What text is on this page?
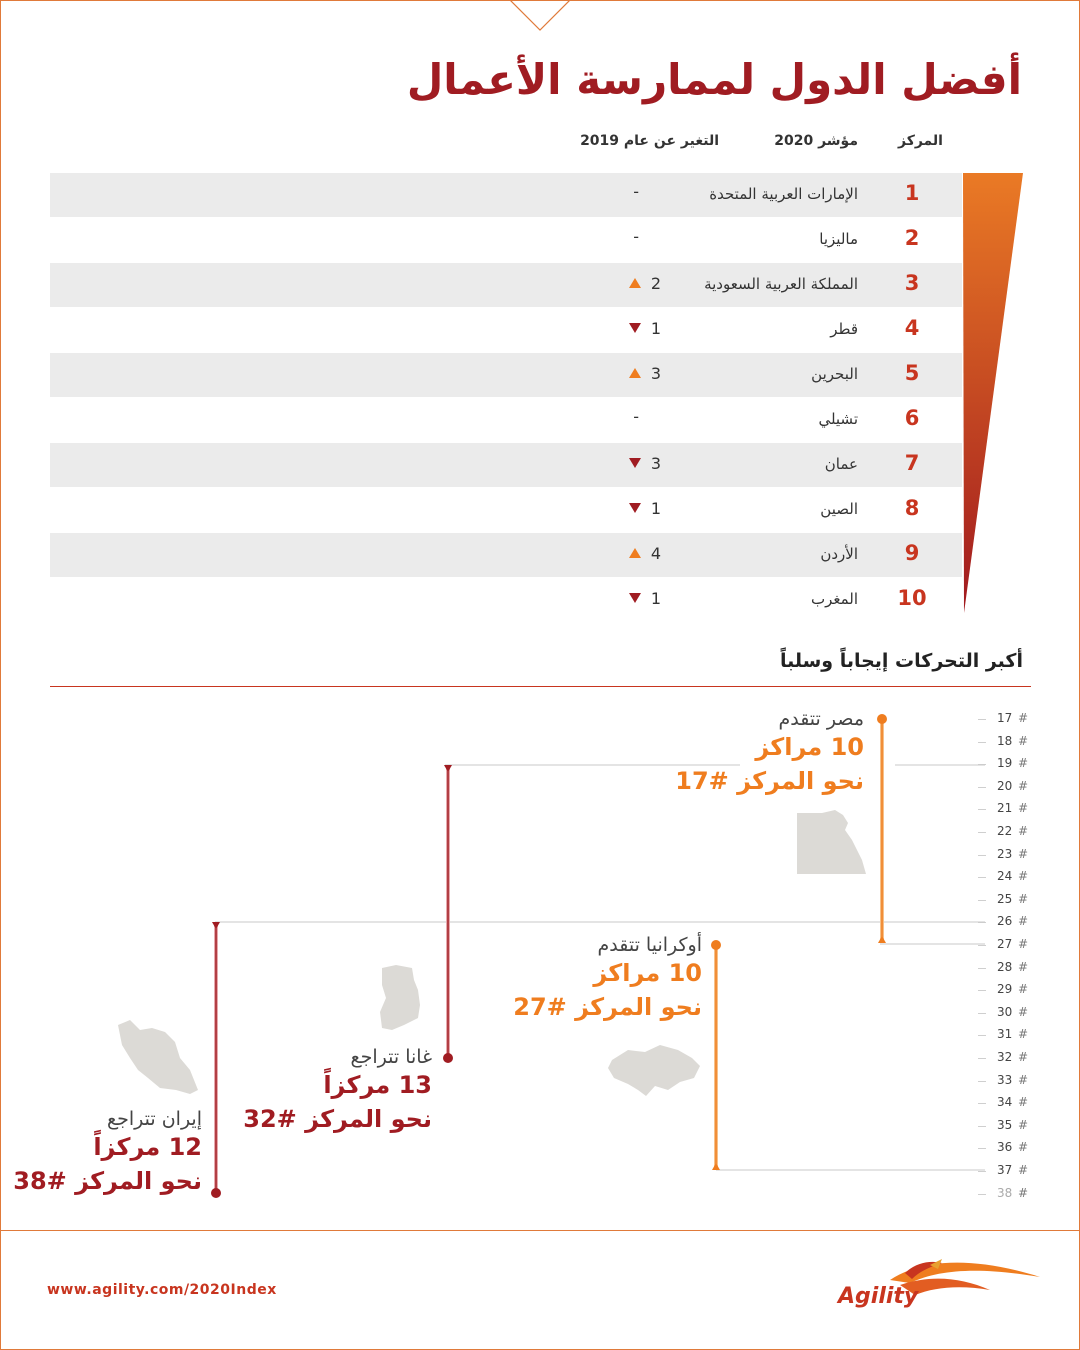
أفضل الدول لممارسة الأعمال
المركز
مؤشر 2020
التغير عن عام 2019
1
الإمارات العربية المتحدة
-
2
ماليزيا
-
3
المملكة العربية السعودية
2
4
قطر
1
5
البحرين
3
6
تشيلي
-
7
عمان
3
8
الصين
1
9
الأردن
4
10
المغرب
1
أكبر التحركات إيجاباً وسلباً
17 #
18 #
19 #
20 #
21 #
22 #
23 #
24 #
25 #
26 #
27 #
28 #
29 #
30 #
31 #
32 #
33 #
34 #
35 #
36 #
37 #
38 #
مصر تتقدم
10 مراكز
نحو المركز #17
أوكرانيا تتقدم
10 مراكز
نحو المركز #27
غانا تتراجع
13 مركزاً
نحو المركز #32
إيران تتراجع
12 مركزاً
نحو المركز #38
www.agility.com/2020Index	Agility
